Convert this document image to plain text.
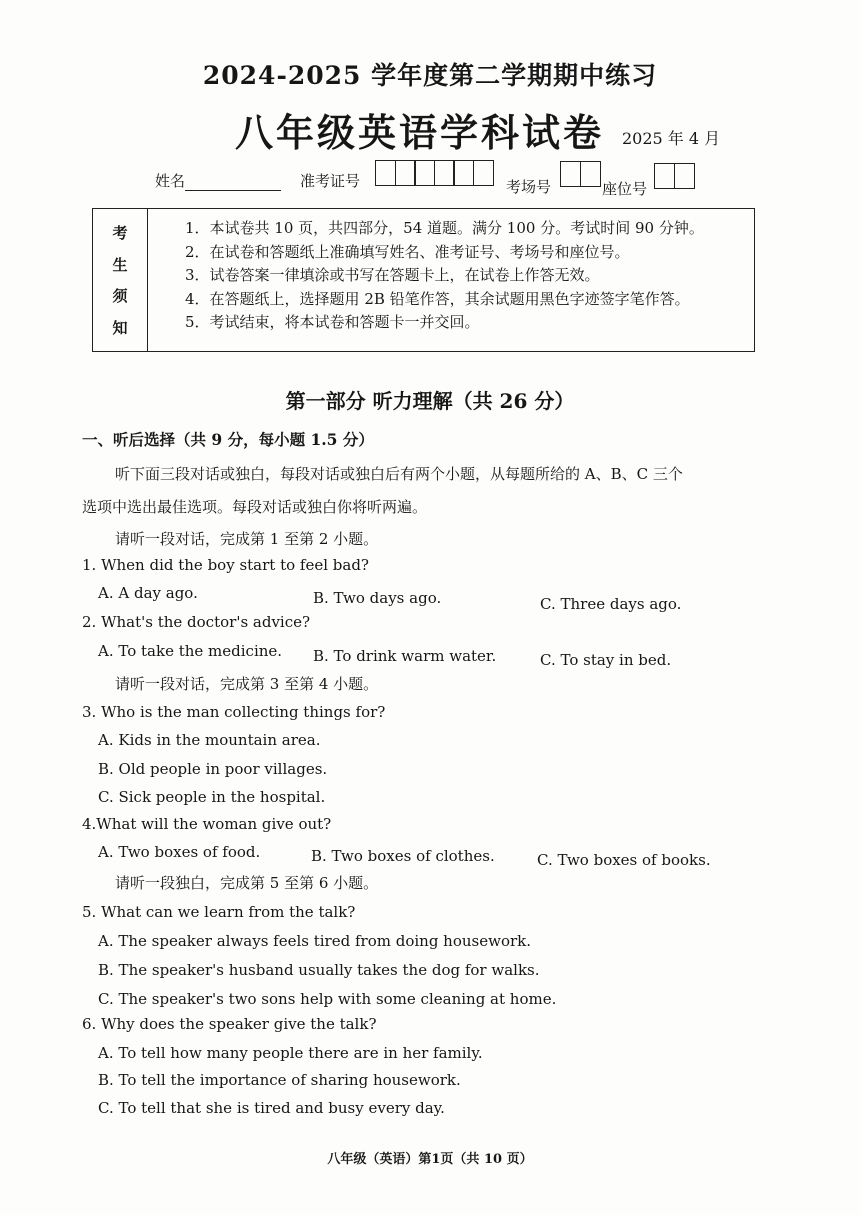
2024-2025 学年度第二学期期中练习
八年级英语学科试卷 2025 年 4 月
姓名	准考证号	考场号	座位号
考
生
须
知
1．本试卷共 10 页，共四部分，54 道题。满分 100 分。考试时间 90 分钟。
2．在试卷和答题纸上准确填写姓名、准考证号、考场号和座位号。
3．试卷答案一律填涂或书写在答题卡上，在试卷上作答无效。
4．在答题纸上，选择题用 2B 铅笔作答，其余试题用黑色字迹签字笔作答。
5．考试结束，将本试卷和答题卡一并交回。
第一部分 听力理解（共 26 分）
一、听后选择（共 9 分，每小题 1.5 分）
听下面三段对话或独白，每段对话或独白后有两个小题，从每题所给的 A、B、C 三个
选项中选出最佳选项。每段对话或独白你将听两遍。
请听一段对话，完成第 1 至第 2 小题。
1. When did the boy start to feel bad?
A. A day ago.	B. Two days ago.	C. Three days ago.
2. What's the doctor's advice?
A. To take the medicine. B. To drink warm water.	C. To stay in bed.
请听一段对话，完成第 3 至第 4 小题。
3. Who is the man collecting things for?
A. Kids in the mountain area.
B. Old people in poor villages.
C. Sick people in the hospital.
4.What will the woman give out?
A. Two boxes of food.	B. Two boxes of clothes.	C. Two boxes of books.
请听一段独白，完成第 5 至第 6 小题。
5. What can we learn from the talk?
A. The speaker always feels tired from doing housework.
B. The speaker's husband usually takes the dog for walks.
C. The speaker's two sons help with some cleaning at home.
6. Why does the speaker give the talk?
A. To tell how many people there are in her family.
B. To tell the importance of sharing housework.
C. To tell that she is tired and busy every day.
八年级（英语）第1页（共 10 页）
